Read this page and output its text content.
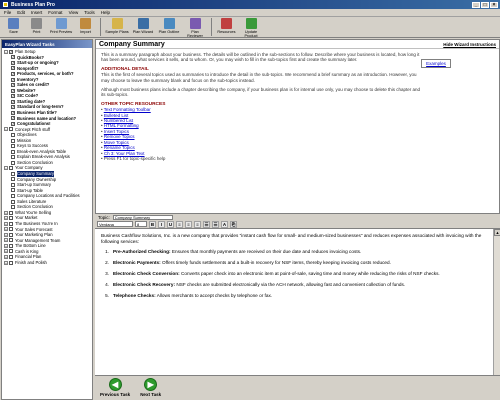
Business Plan Pro	_	□	×
File Edit Insert Format View Tools Help
Save	Print Print Preview Import	Sample Plans Plan Wizard Plan Outline	Plan Reviewer
Resources	Update Product
EasyPlan Wizard Tasks
− ✓ Plan Setup
✓ QuickBooks?
✓ Start-up or ongoing?
✓ Nonprofit?
✓ Products, services, or both?
✓ Inventory?
✓ Sales on credit?
✓ Website?
✓ SIC Code?
✓ Starting date?
✓ Standard or long-term?
✓ Business Plan title?
✓ Business name and location?
✓ Congratulations!
− Concept Pitch stuff
Objectives
Mission
Keys to Success
Break-even Analysis Table
Explain Break-even Analysis
Section Conclusion
− Your Company
Company Summary
Company Ownership
Start-up Summary
Start-up Table
Company Locations and Facilities
Sales Literature
Section Conclusion
+ What You're Selling
+ Your Market
+ The Business You're In
+ Your Sales Forecast
+ Your Marketing Plan
+ Your Management Team
+ The Bottom Line
+ Cash is King
+ Financial Plan
+ Finish and Polish
Company Summary	Hide Wizard Instructions
Examples

This is a summary paragraph about your business. The details will be outlined in the sub-sections to follow. Describe where your business is located, how long it has been around, what services it sells, and to whom. Or, you may wish to fill in the sub-topics first and create the summary later.

ADDITIONAL DETAIL

This is the first of several topics used as summaries to introduce the detail in the sub-topics. We recommend a brief summary as an introduction. However, you may choose to leave the summary blank and focus on the sub-topics instead.

Although most business plans include a chapter describing the company, if your business plan is for internal use only, you may choose to delete this chapter and its sub-topics.

OTHER TOPIC RESOURCES
• Text Formatting Toolbar
• Bulleted List
• Numbered List
• HTML Formatting
• Insert Topics
• Remove Topics
• Move Topics
• Rename Topics
• Ch 3: Your Plan Text
• Press F1 for topic-specific help
Topic:	Company Summary
Verdana	8	B	I	U	≡	≡	≡	☰	☰	A	⎘

Business Cashflow Solutions, Inc. is a new company that provides "instant cash flow for small- and medium-sized businesses" and reduces expenses associated with invoicing with the following services:

1. Pre-Authorized Checking: Ensures that monthly payments are received on their due date and reduces invoicing costs.
2. Electronic Payments: Offers timely funds settlements and a built-in recovery for NSF items, thereby keeping invoicing costs reduced.
3. Electronic Check Conversion: Converts paper check into an electronic item at point-of-sale, saving time and money while reducing the risks of NSF checks.
4. Electronic Check Recovery: NSF checks are submitted electronically via the ACH network, allowing fast and convenient collection of funds.
5. Telephone Checks: Allows merchants to accept checks by telephone or fax.
▲
◀
Previous Task
▶
Next Task
